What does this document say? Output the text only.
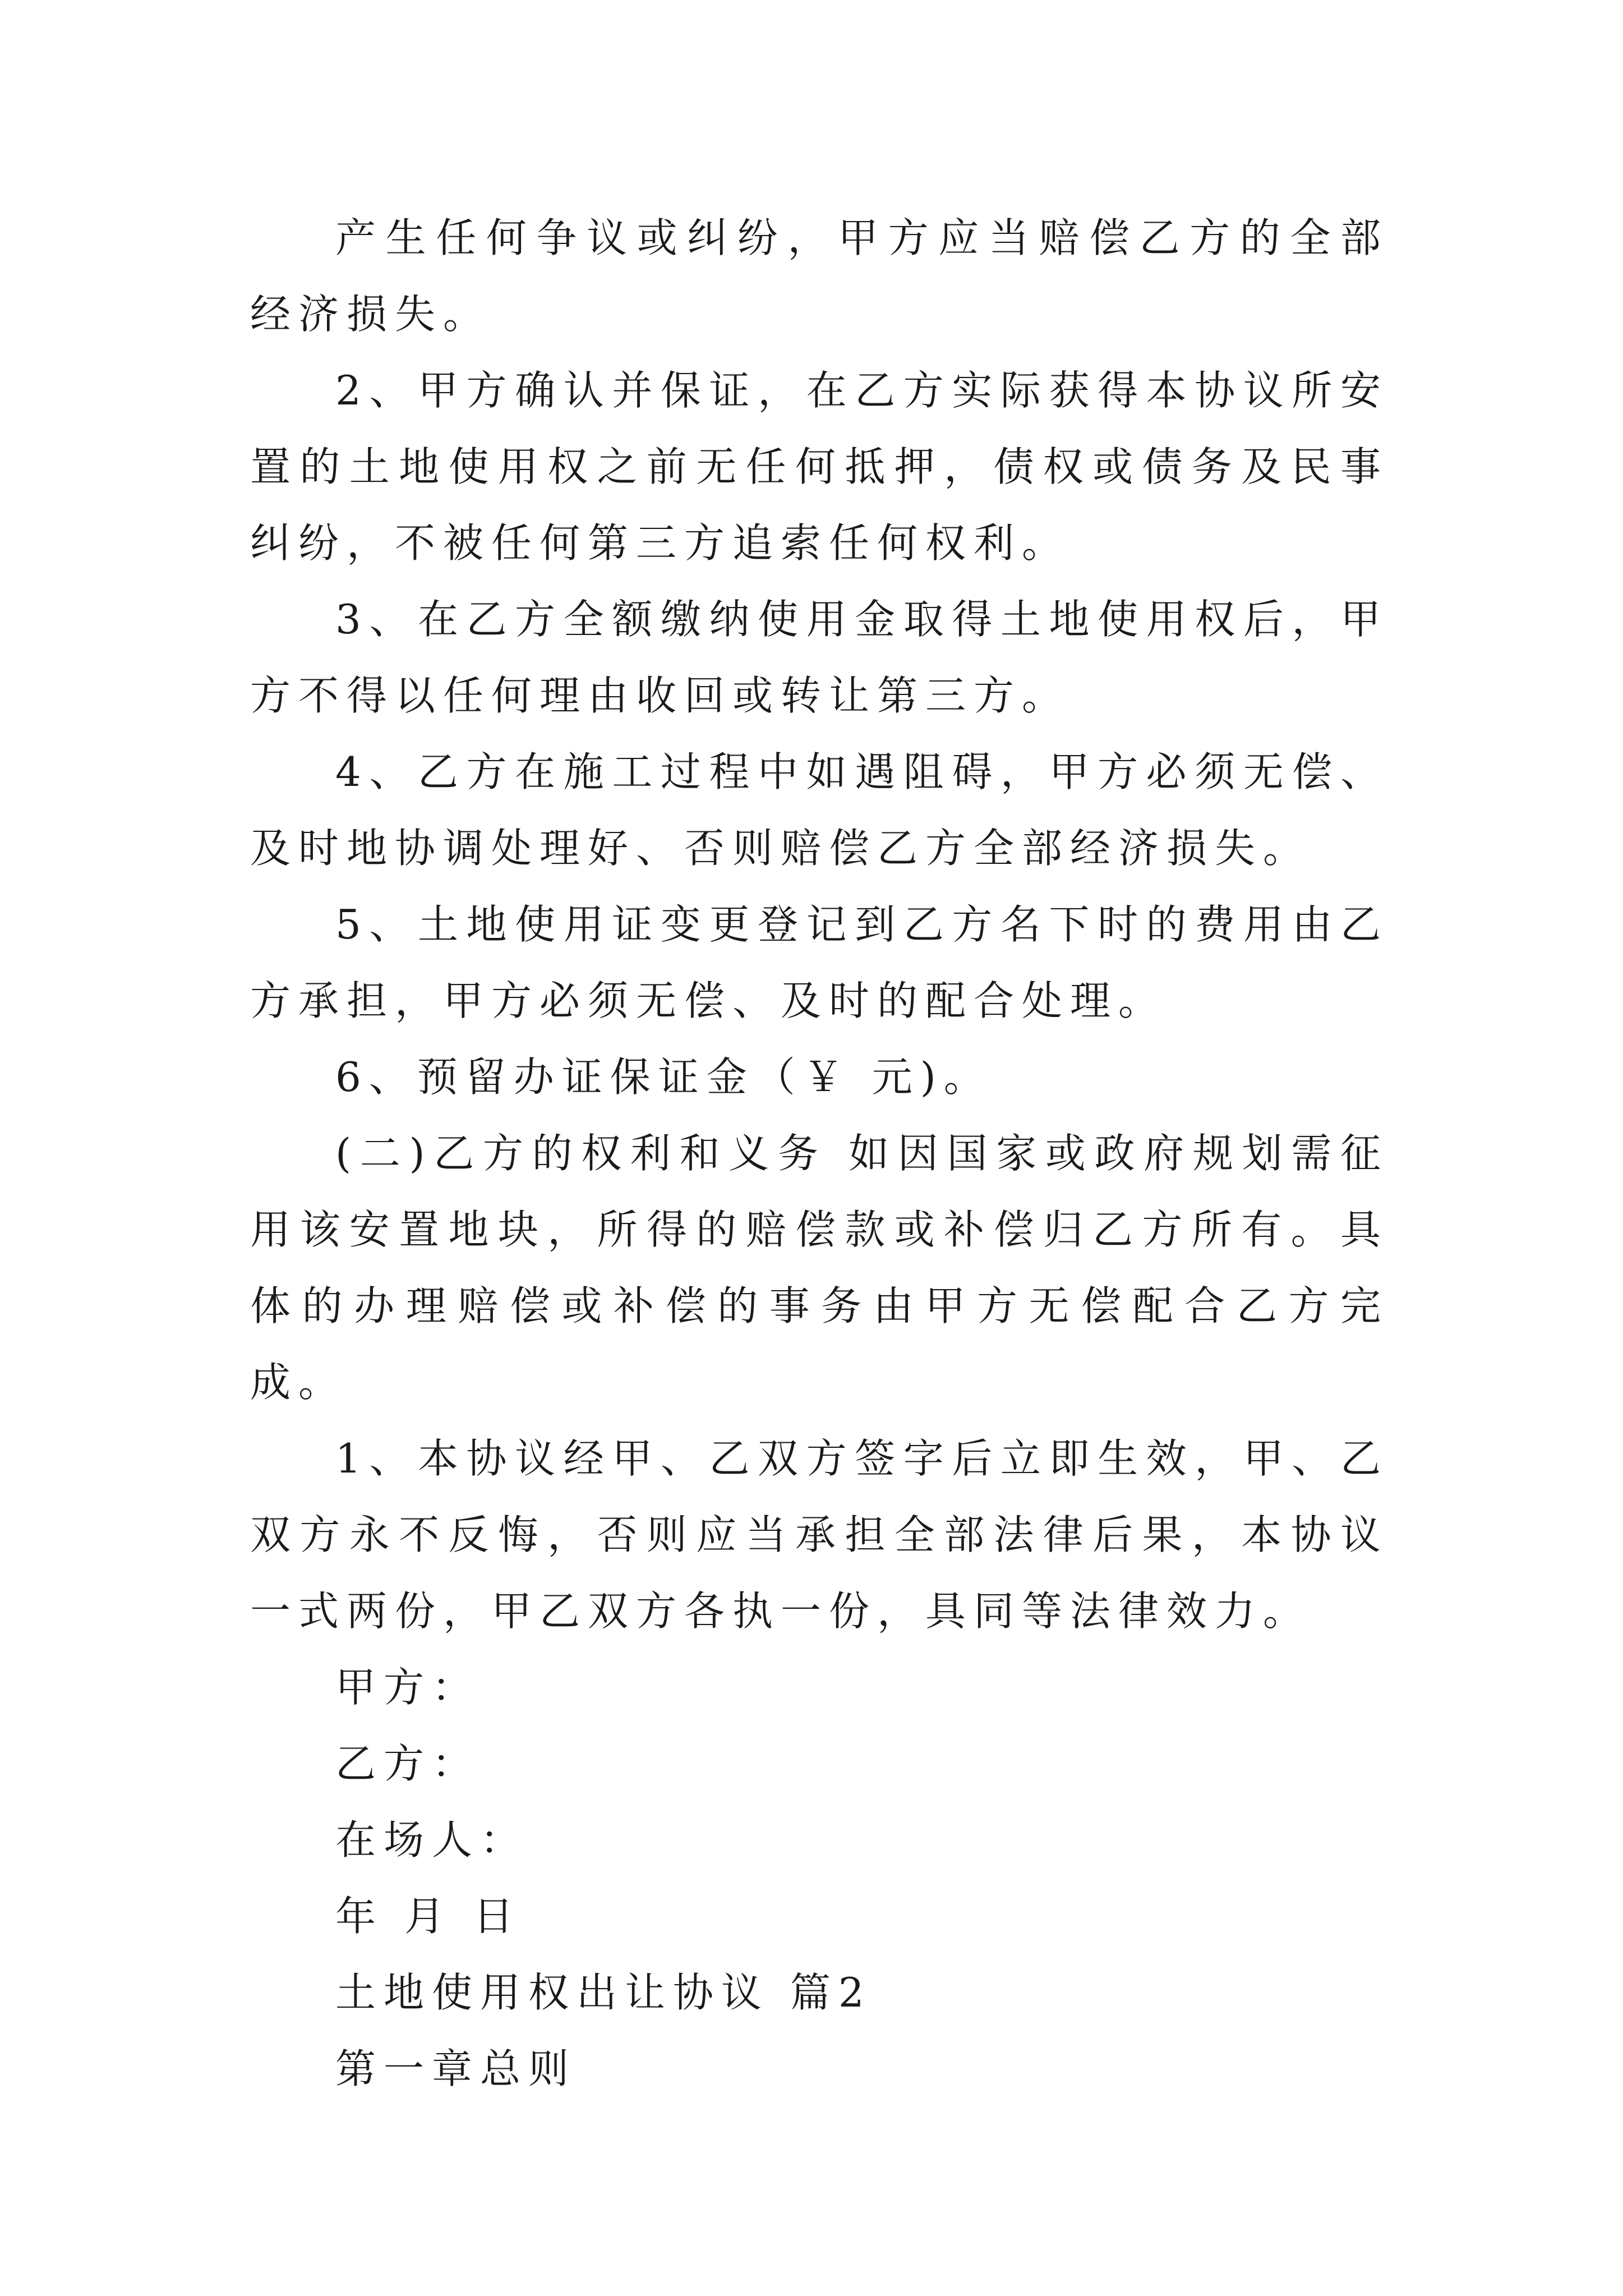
产生任何争议或纠纷，甲方应当赔偿乙方的全部经济损失。

2、甲方确认并保证，在乙方实际获得本协议所安置的土地使用权之前无任何抵押，债权或债务及民事纠纷，不被任何第三方追索任何权利。

3、在乙方全额缴纳使用金取得土地使用权后，甲方不得以任何理由收回或转让第三方。

4、乙方在施工过程中如遇阻碍，甲方必须无偿、及时地协调处理好、否则赔偿乙方全部经济损失。

5、土地使用证变更登记到乙方名下时的费用由乙方承担，甲方必须无偿、及时的配合处理。

6、预留办证保证金（￥ 元)。

(二)乙方的权利和义务 如因国家或政府规划需征用该安置地块，所得的赔偿款或补偿归乙方所有。具体的办理赔偿或补偿的事务由甲方无偿配合乙方完成。

1、本协议经甲、乙双方签字后立即生效，甲、乙双方永不反悔，否则应当承担全部法律后果，本协议一式两份，甲乙双方各执一份，具同等法律效力。

甲方：

乙方：

在场人：

年 月 日

土地使用权出让协议 篇2

第一章总则
